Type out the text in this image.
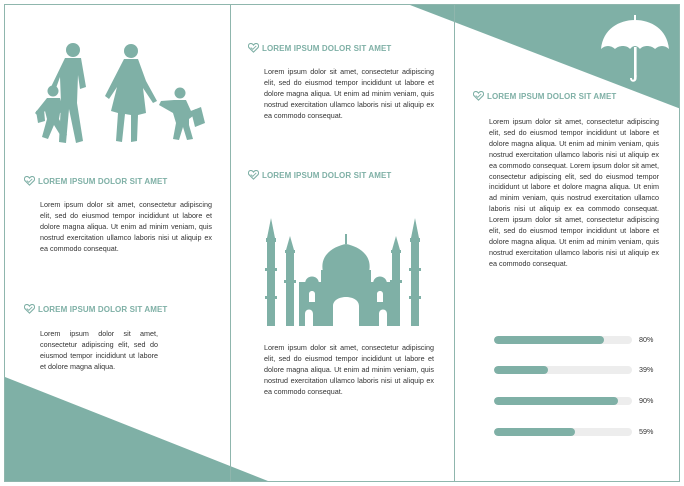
LOREM IPSUM DOLOR SIT AMET

Lorem ipsum dolor sit amet, consectetur adipiscing elit, sed do eiusmod tempor incididunt ut labore et dolore magna aliqua. Ut enim ad minim veniam, quis nostrud exercitation ullamco laboris nisi ut aliquip ex ea commodo consequat.

LOREM IPSUM DOLOR SIT AMET

Lorem ipsum dolor sit amet, consectetur adipiscing elit, sed do eiusmod tempor incididunt ut labore et dolore magna aliqua.

LOREM IPSUM DOLOR SIT AMET

Lorem ipsum dolor sit amet, consectetur adipiscing elit, sed do eiusmod tempor incididunt ut labore et dolore magna aliqua. Ut enim ad minim veniam, quis nostrud exercitation ullamco laboris nisi ut aliquip ex ea commodo consequat.

LOREM IPSUM DOLOR SIT AMET

Lorem ipsum dolor sit amet, consectetur adipiscing elit, sed do eiusmod tempor incididunt ut labore et dolore magna aliqua. Ut enim ad minim veniam, quis nostrud exercitation ullamco laboris nisi ut aliquip ex ea commodo consequat.

LOREM IPSUM DOLOR SIT AMET

Lorem ipsum dolor sit amet, consectetur adipiscing elit, sed do eiusmod tempor incididunt ut labore et dolore magna aliqua. Ut enim ad minim veniam, quis nostrud exercitation ullamco laboris nisi ut aliquip ex ea commodo consequat. Lorem ipsum dolor sit amet, consectetur adipiscing elit, sed do eiusmod tempor incididunt ut labore et dolore magna aliqua. Ut enim ad minim veniam, quis nostrud exercitation ullamco laboris nisi ut aliquip ex ea commodo consequat. Lorem ipsum dolor sit amet, consectetur adipiscing elit, sed do eiusmod tempor incididunt ut labore et dolore magna aliqua. Ut enim ad minim veniam, quis nostrud exercitation ullamco laboris nisi ut aliquip ex ea commodo consequat.

80%
39%
90%
59%
